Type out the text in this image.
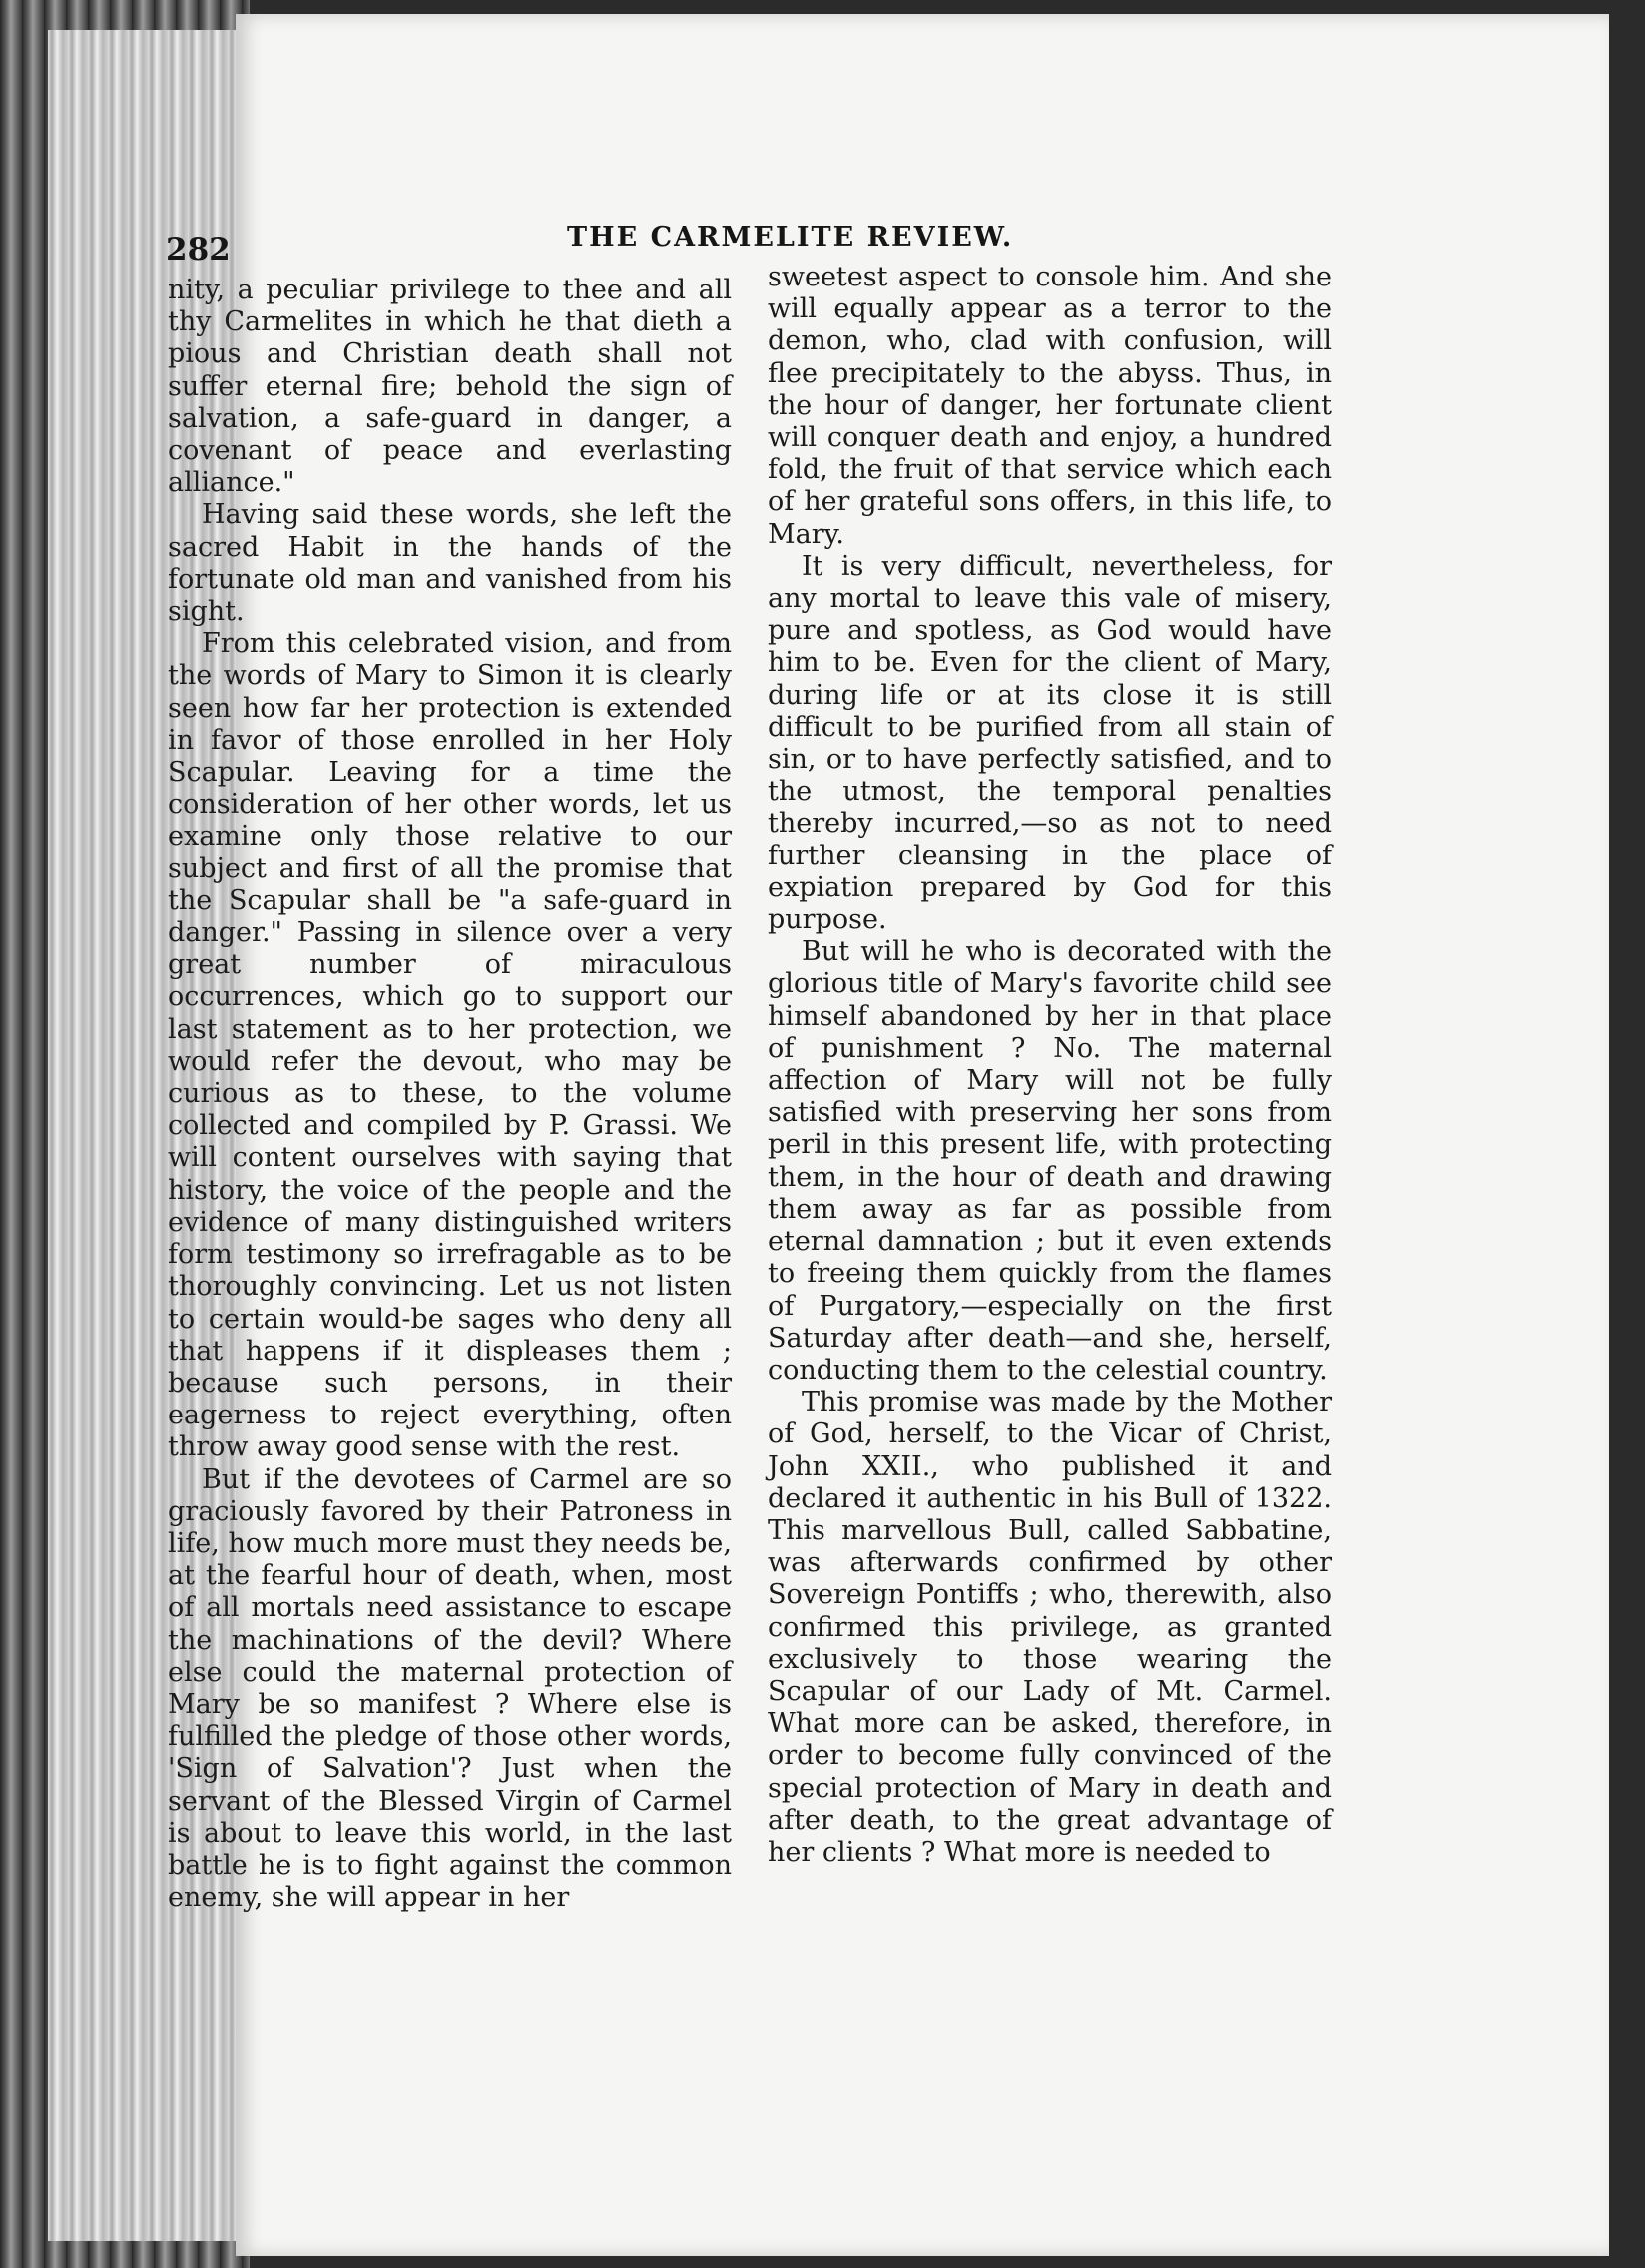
282	THE CARMELITE REVIEW.

nity, a peculiar privilege to thee and all thy Carmelites in which he that dieth a pious and Christian death shall not suffer eternal fire; behold the sign of salvation, a safe-guard in danger, a covenant of peace and everlasting alliance."

Having said these words, she left the sacred Habit in the hands of the fortunate old man and vanished from his sight.

From this celebrated vision, and from the words of Mary to Simon it is clearly seen how far her protection is extended in favor of those enrolled in her Holy Scapular. Leaving for a time the consideration of her other words, let us examine only those relative to our subject and first of all the promise that the Scapular shall be "a safe-guard in danger." Passing in silence over a very great number of miraculous occurrences, which go to support our last statement as to her protection, we would refer the devout, who may be curious as to these, to the volume collected and compiled by P. Grassi. We will content ourselves with saying that history, the voice of the people and the evidence of many distinguished writers form testimony so irrefragable as to be thoroughly convincing. Let us not listen to certain would-be sages who deny all that happens if it displeases them ; because such persons, in their eagerness to reject everything, often throw away good sense with the rest.

But if the devotees of Carmel are so graciously favored by their Patroness in life, how much more must they needs be, at the fearful hour of death, when, most of all mortals need assistance to escape the machinations of the devil? Where else could the maternal protection of Mary be so manifest ? Where else is fulfilled the pledge of those other words, 'Sign of Salvation'? Just when the servant of the Blessed Virgin of Carmel is about to leave this world, in the last battle he is to fight against the common enemy, she will appear in her

sweetest aspect to console him. And she will equally appear as a terror to the demon, who, clad with confusion, will flee precipitately to the abyss. Thus, in the hour of danger, her fortunate client will conquer death and enjoy, a hundred fold, the fruit of that service which each of her grateful sons offers, in this life, to Mary.

It is very difficult, nevertheless, for any mortal to leave this vale of misery, pure and spotless, as God would have him to be. Even for the client of Mary, during life or at its close it is still difficult to be purified from all stain of sin, or to have perfectly satisfied, and to the utmost, the temporal penalties thereby incurred,—so as not to need further cleansing in the place of expiation prepared by God for this purpose.

But will he who is decorated with the glorious title of Mary's favorite child see himself abandoned by her in that place of punishment ? No. The maternal affection of Mary will not be fully satisfied with preserving her sons from peril in this present life, with protecting them, in the hour of death and drawing them away as far as possible from eternal damnation ; but it even extends to freeing them quickly from the flames of Purgatory,—especially on the first Saturday after death—and she, herself, conducting them to the celestial country.

This promise was made by the Mother of God, herself, to the Vicar of Christ, John XXII., who published it and declared it authentic in his Bull of 1322. This marvellous Bull, called Sabbatine, was afterwards confirmed by other Sovereign Pontiffs ; who, therewith, also confirmed this privilege, as granted exclusively to those wearing the Scapular of our Lady of Mt. Carmel. What more can be asked, therefore, in order to become fully convinced of the special protection of Mary in death and after death, to the great advantage of her clients ? What more is needed to
